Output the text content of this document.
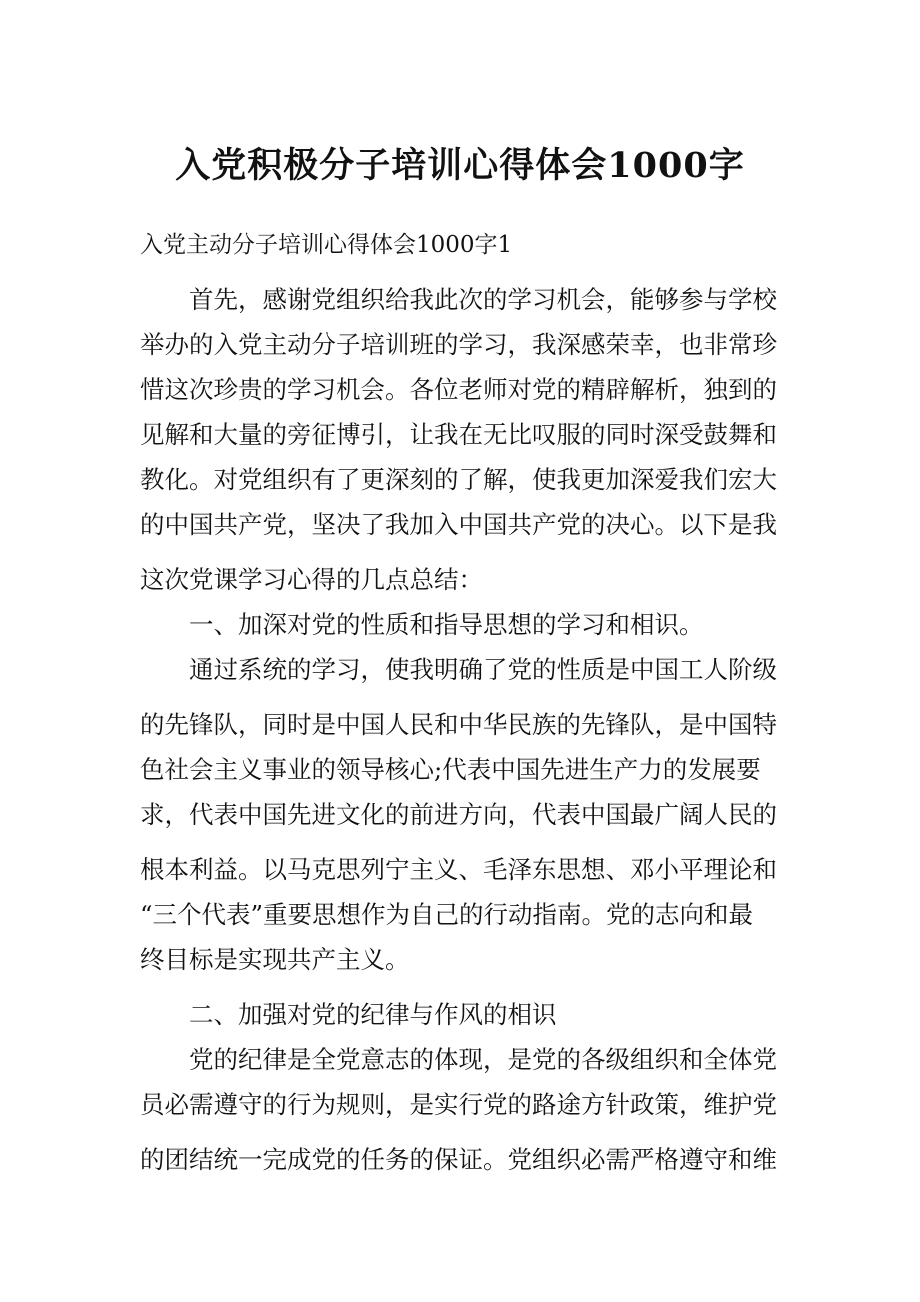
入党积极分子培训心得体会1000字
入党主动分子培训心得体会1000字1
首先，感谢党组织给我此次的学习机会，能够参与学校
举办的入党主动分子培训班的学习，我深感荣幸，也非常珍
惜这次珍贵的学习机会。各位老师对党的精辟解析，独到的
见解和大量的旁征博引，让我在无比叹服的同时深受鼓舞和
教化。对党组织有了更深刻的了解，使我更加深爱我们宏大
的中国共产党，坚决了我加入中国共产党的决心。以下是我
这次党课学习心得的几点总结：
一、加深对党的性质和指导思想的学习和相识。
通过系统的学习，使我明确了党的性质是中国工人阶级
的先锋队，同时是中国人民和中华民族的先锋队，是中国特
色社会主义事业的领导核心;代表中国先进生产力的发展要
求，代表中国先进文化的前进方向，代表中国最广阔人民的
根本利益。以马克思列宁主义、毛泽东思想、邓小平理论和
“三个代表”重要思想作为自己的行动指南。党的志向和最
终目标是实现共产主义。
二、加强对党的纪律与作风的相识
党的纪律是全党意志的体现，是党的各级组织和全体党
员必需遵守的行为规则，是实行党的路途方针政策，维护党
的团结统一完成党的任务的保证。党组织必需严格遵守和维
